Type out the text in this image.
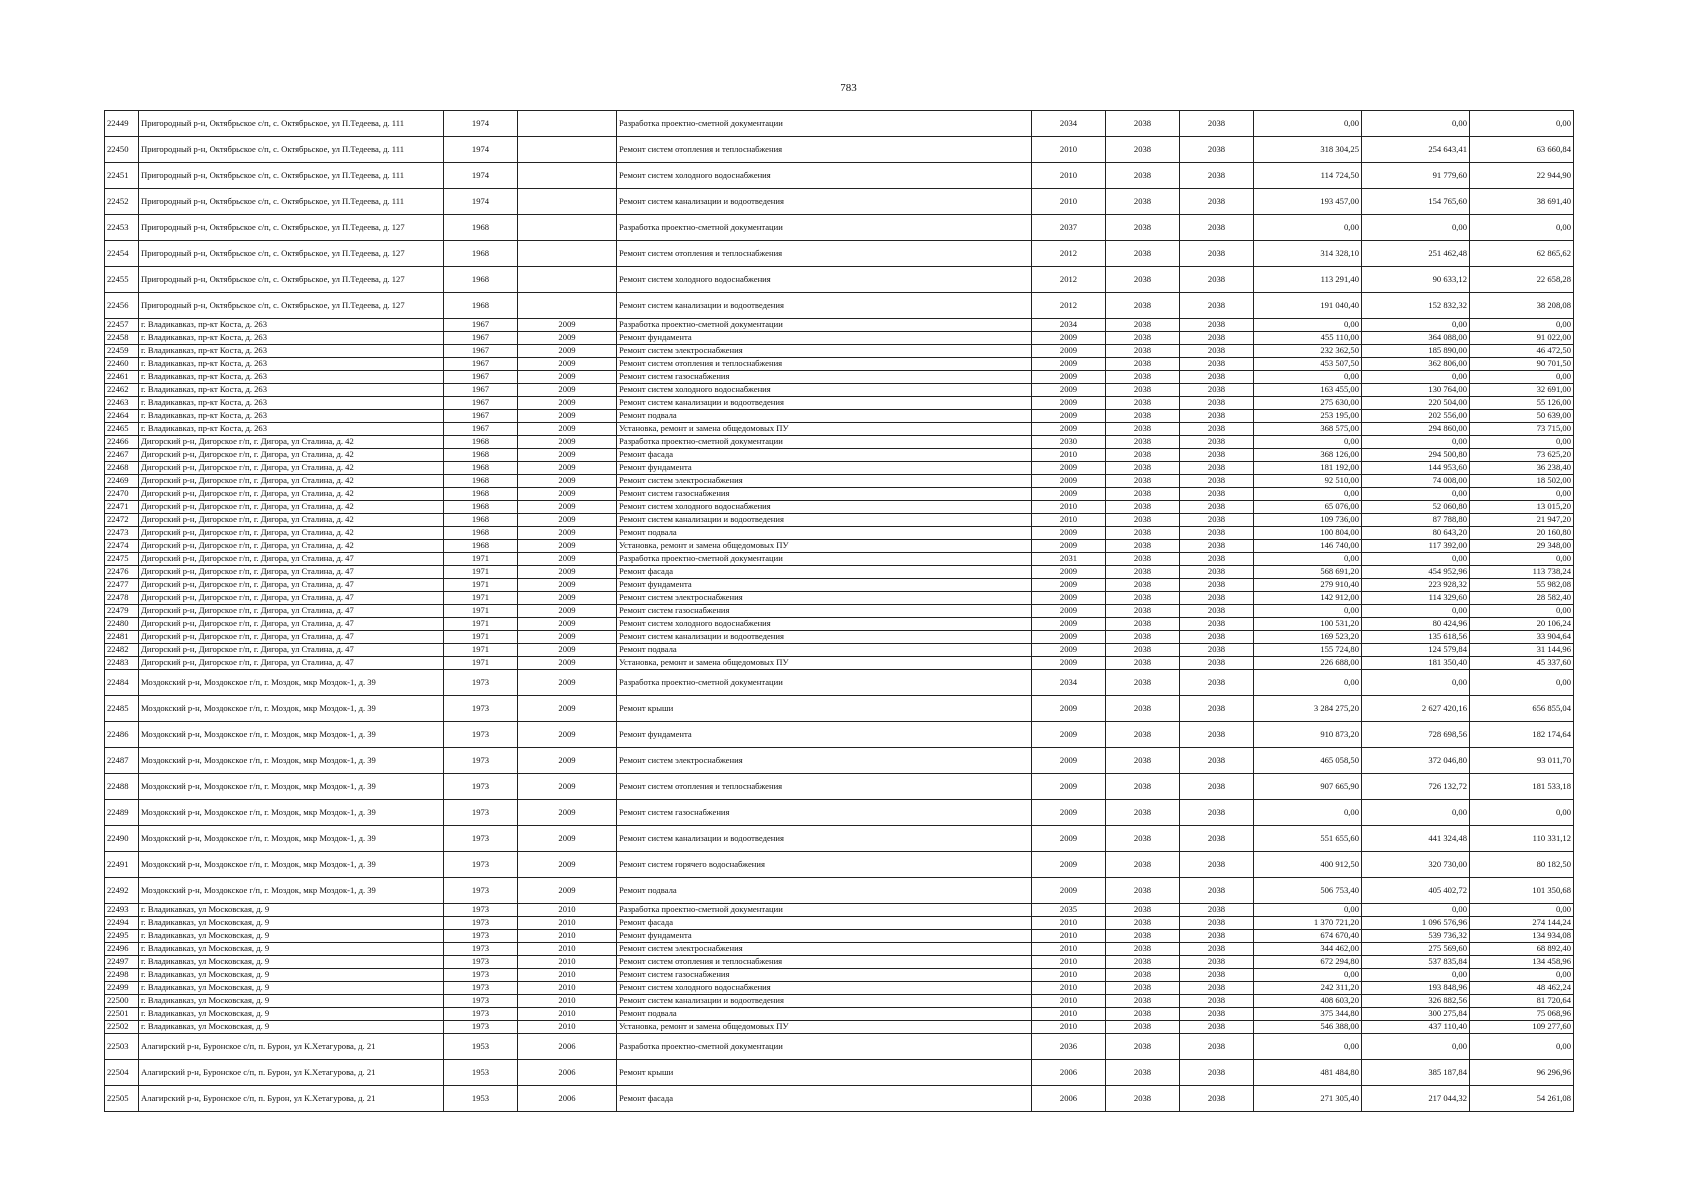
783
22449	Пригородный р-н, Октябрьское с/п, с. Октябрьское, ул П.Тедеева, д. 111	1974		Разработка проектно-сметной документации	2034	2038	2038	0,00	0,00	0,00
22450	Пригородный р-н, Октябрьское с/п, с. Октябрьское, ул П.Тедеева, д. 111	1974		Ремонт систем отопления и теплоснабжения	2010	2038	2038	318 304,25	254 643,41	63 660,84
22451	Пригородный р-н, Октябрьское с/п, с. Октябрьское, ул П.Тедеева, д. 111	1974		Ремонт систем холодного водоснабжения	2010	2038	2038	114 724,50	91 779,60	22 944,90
22452	Пригородный р-н, Октябрьское с/п, с. Октябрьское, ул П.Тедеева, д. 111	1974		Ремонт систем канализации и водоотведения	2010	2038	2038	193 457,00	154 765,60	38 691,40
22453	Пригородный р-н, Октябрьское с/п, с. Октябрьское, ул П.Тедеева, д. 127	1968		Разработка проектно-сметной документации	2037	2038	2038	0,00	0,00	0,00
22454	Пригородный р-н, Октябрьское с/п, с. Октябрьское, ул П.Тедеева, д. 127	1968		Ремонт систем отопления и теплоснабжения	2012	2038	2038	314 328,10	251 462,48	62 865,62
22455	Пригородный р-н, Октябрьское с/п, с. Октябрьское, ул П.Тедеева, д. 127	1968		Ремонт систем холодного водоснабжения	2012	2038	2038	113 291,40	90 633,12	22 658,28
22456	Пригородный р-н, Октябрьское с/п, с. Октябрьское, ул П.Тедеева, д. 127	1968		Ремонт систем канализации и водоотведения	2012	2038	2038	191 040,40	152 832,32	38 208,08
22457	г. Владикавказ, пр-кт Коста, д. 263	1967	2009	Разработка проектно-сметной документации	2034	2038	2038	0,00	0,00	0,00
22458	г. Владикавказ, пр-кт Коста, д. 263	1967	2009	Ремонт фундамента	2009	2038	2038	455 110,00	364 088,00	91 022,00
22459	г. Владикавказ, пр-кт Коста, д. 263	1967	2009	Ремонт систем электроснабжения	2009	2038	2038	232 362,50	185 890,00	46 472,50
22460	г. Владикавказ, пр-кт Коста, д. 263	1967	2009	Ремонт систем отопления и теплоснабжения	2009	2038	2038	453 507,50	362 806,00	90 701,50
22461	г. Владикавказ, пр-кт Коста, д. 263	1967	2009	Ремонт систем газоснабжения	2009	2038	2038	0,00	0,00	0,00
22462	г. Владикавказ, пр-кт Коста, д. 263	1967	2009	Ремонт систем холодного водоснабжения	2009	2038	2038	163 455,00	130 764,00	32 691,00
22463	г. Владикавказ, пр-кт Коста, д. 263	1967	2009	Ремонт систем канализации и водоотведения	2009	2038	2038	275 630,00	220 504,00	55 126,00
22464	г. Владикавказ, пр-кт Коста, д. 263	1967	2009	Ремонт подвала	2009	2038	2038	253 195,00	202 556,00	50 639,00
22465	г. Владикавказ, пр-кт Коста, д. 263	1967	2009	Установка, ремонт и замена общедомовых ПУ	2009	2038	2038	368 575,00	294 860,00	73 715,00
22466	Дигорский р-н, Дигорское г/п, г. Дигора, ул Сталина, д. 42	1968	2009	Разработка проектно-сметной документации	2030	2038	2038	0,00	0,00	0,00
22467	Дигорский р-н, Дигорское г/п, г. Дигора, ул Сталина, д. 42	1968	2009	Ремонт фасада	2010	2038	2038	368 126,00	294 500,80	73 625,20
22468	Дигорский р-н, Дигорское г/п, г. Дигора, ул Сталина, д. 42	1968	2009	Ремонт фундамента	2009	2038	2038	181 192,00	144 953,60	36 238,40
22469	Дигорский р-н, Дигорское г/п, г. Дигора, ул Сталина, д. 42	1968	2009	Ремонт систем электроснабжения	2009	2038	2038	92 510,00	74 008,00	18 502,00
22470	Дигорский р-н, Дигорское г/п, г. Дигора, ул Сталина, д. 42	1968	2009	Ремонт систем газоснабжения	2009	2038	2038	0,00	0,00	0,00
22471	Дигорский р-н, Дигорское г/п, г. Дигора, ул Сталина, д. 42	1968	2009	Ремонт систем холодного водоснабжения	2010	2038	2038	65 076,00	52 060,80	13 015,20
22472	Дигорский р-н, Дигорское г/п, г. Дигора, ул Сталина, д. 42	1968	2009	Ремонт систем канализации и водоотведения	2010	2038	2038	109 736,00	87 788,80	21 947,20
22473	Дигорский р-н, Дигорское г/п, г. Дигора, ул Сталина, д. 42	1968	2009	Ремонт подвала	2009	2038	2038	100 804,00	80 643,20	20 160,80
22474	Дигорский р-н, Дигорское г/п, г. Дигора, ул Сталина, д. 42	1968	2009	Установка, ремонт и замена общедомовых ПУ	2009	2038	2038	146 740,00	117 392,00	29 348,00
22475	Дигорский р-н, Дигорское г/п, г. Дигора, ул Сталина, д. 47	1971	2009	Разработка проектно-сметной документации	2031	2038	2038	0,00	0,00	0,00
22476	Дигорский р-н, Дигорское г/п, г. Дигора, ул Сталина, д. 47	1971	2009	Ремонт фасада	2009	2038	2038	568 691,20	454 952,96	113 738,24
22477	Дигорский р-н, Дигорское г/п, г. Дигора, ул Сталина, д. 47	1971	2009	Ремонт фундамента	2009	2038	2038	279 910,40	223 928,32	55 982,08
22478	Дигорский р-н, Дигорское г/п, г. Дигора, ул Сталина, д. 47	1971	2009	Ремонт систем электроснабжения	2009	2038	2038	142 912,00	114 329,60	28 582,40
22479	Дигорский р-н, Дигорское г/п, г. Дигора, ул Сталина, д. 47	1971	2009	Ремонт систем газоснабжения	2009	2038	2038	0,00	0,00	0,00
22480	Дигорский р-н, Дигорское г/п, г. Дигора, ул Сталина, д. 47	1971	2009	Ремонт систем холодного водоснабжения	2009	2038	2038	100 531,20	80 424,96	20 106,24
22481	Дигорский р-н, Дигорское г/п, г. Дигора, ул Сталина, д. 47	1971	2009	Ремонт систем канализации и водоотведения	2009	2038	2038	169 523,20	135 618,56	33 904,64
22482	Дигорский р-н, Дигорское г/п, г. Дигора, ул Сталина, д. 47	1971	2009	Ремонт подвала	2009	2038	2038	155 724,80	124 579,84	31 144,96
22483	Дигорский р-н, Дигорское г/п, г. Дигора, ул Сталина, д. 47	1971	2009	Установка, ремонт и замена общедомовых ПУ	2009	2038	2038	226 688,00	181 350,40	45 337,60
22484	Моздокский р-н, Моздокское г/п, г. Моздок, мкр Моздок-1, д. 39	1973	2009	Разработка проектно-сметной документации	2034	2038	2038	0,00	0,00	0,00
22485	Моздокский р-н, Моздокское г/п, г. Моздок, мкр Моздок-1, д. 39	1973	2009	Ремонт крыши	2009	2038	2038	3 284 275,20	2 627 420,16	656 855,04
22486	Моздокский р-н, Моздокское г/п, г. Моздок, мкр Моздок-1, д. 39	1973	2009	Ремонт фундамента	2009	2038	2038	910 873,20	728 698,56	182 174,64
22487	Моздокский р-н, Моздокское г/п, г. Моздок, мкр Моздок-1, д. 39	1973	2009	Ремонт систем электроснабжения	2009	2038	2038	465 058,50	372 046,80	93 011,70
22488	Моздокский р-н, Моздокское г/п, г. Моздок, мкр Моздок-1, д. 39	1973	2009	Ремонт систем отопления и теплоснабжения	2009	2038	2038	907 665,90	726 132,72	181 533,18
22489	Моздокский р-н, Моздокское г/п, г. Моздок, мкр Моздок-1, д. 39	1973	2009	Ремонт систем газоснабжения	2009	2038	2038	0,00	0,00	0,00
22490	Моздокский р-н, Моздокское г/п, г. Моздок, мкр Моздок-1, д. 39	1973	2009	Ремонт систем канализации и водоотведения	2009	2038	2038	551 655,60	441 324,48	110 331,12
22491	Моздокский р-н, Моздокское г/п, г. Моздок, мкр Моздок-1, д. 39	1973	2009	Ремонт систем горячего водоснабжения	2009	2038	2038	400 912,50	320 730,00	80 182,50
22492	Моздокский р-н, Моздокское г/п, г. Моздок, мкр Моздок-1, д. 39	1973	2009	Ремонт подвала	2009	2038	2038	506 753,40	405 402,72	101 350,68
22493	г. Владикавказ, ул Московская, д. 9	1973	2010	Разработка проектно-сметной документации	2035	2038	2038	0,00	0,00	0,00
22494	г. Владикавказ, ул Московская, д. 9	1973	2010	Ремонт фасада	2010	2038	2038	1 370 721,20	1 096 576,96	274 144,24
22495	г. Владикавказ, ул Московская, д. 9	1973	2010	Ремонт фундамента	2010	2038	2038	674 670,40	539 736,32	134 934,08
22496	г. Владикавказ, ул Московская, д. 9	1973	2010	Ремонт систем электроснабжения	2010	2038	2038	344 462,00	275 569,60	68 892,40
22497	г. Владикавказ, ул Московская, д. 9	1973	2010	Ремонт систем отопления и теплоснабжения	2010	2038	2038	672 294,80	537 835,84	134 458,96
22498	г. Владикавказ, ул Московская, д. 9	1973	2010	Ремонт систем газоснабжения	2010	2038	2038	0,00	0,00	0,00
22499	г. Владикавказ, ул Московская, д. 9	1973	2010	Ремонт систем холодного водоснабжения	2010	2038	2038	242 311,20	193 848,96	48 462,24
22500	г. Владикавказ, ул Московская, д. 9	1973	2010	Ремонт систем канализации и водоотведения	2010	2038	2038	408 603,20	326 882,56	81 720,64
22501	г. Владикавказ, ул Московская, д. 9	1973	2010	Ремонт подвала	2010	2038	2038	375 344,80	300 275,84	75 068,96
22502	г. Владикавказ, ул Московская, д. 9	1973	2010	Установка, ремонт и замена общедомовых ПУ	2010	2038	2038	546 388,00	437 110,40	109 277,60
22503	Алагирский р-н, Буронское с/п, п. Бурон, ул К.Хетагурова, д. 21	1953	2006	Разработка проектно-сметной документации	2036	2038	2038	0,00	0,00	0,00
22504	Алагирский р-н, Буронское с/п, п. Бурон, ул К.Хетагурова, д. 21	1953	2006	Ремонт крыши	2006	2038	2038	481 484,80	385 187,84	96 296,96
22505	Алагирский р-н, Буронское с/п, п. Бурон, ул К.Хетагурова, д. 21	1953	2006	Ремонт фасада	2006	2038	2038	271 305,40	217 044,32	54 261,08
